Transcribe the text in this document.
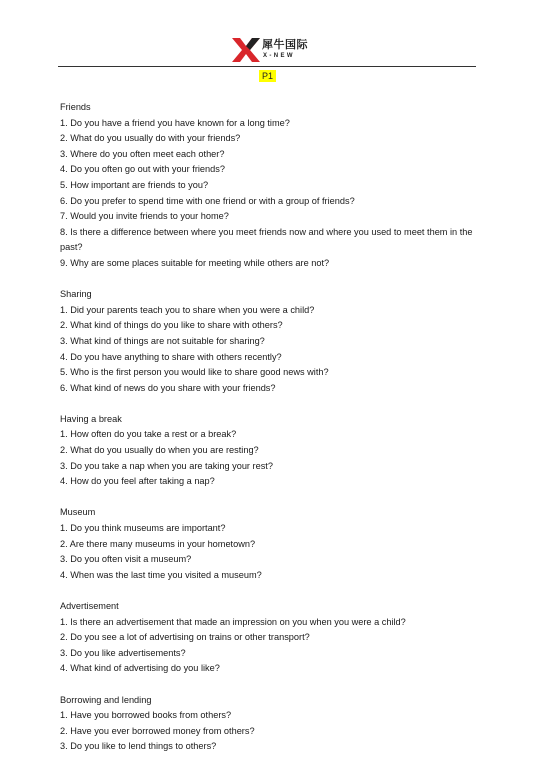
犀牛国际
X-NEW
P1

Friends

1. Do you have a friend you have known for a long time?

2. What do you usually do with your friends?

3. Where do you often meet each other?

4. Do you often go out with your friends?

5. How important are friends to you?

6. Do you prefer to spend time with one friend or with a group of friends?

7. Would you invite friends to your home?

8. Is there a difference between where you meet friends now and where you used to meet them in the past?

9. Why are some places suitable for meeting while others are not?

Sharing

1. Did your parents teach you to share when you were a child?

2. What kind of things do you like to share with others?

3. What kind of things are not suitable for sharing?

4. Do you have anything to share with others recently?

5. Who is the first person you would like to share good news with?

6. What kind of news do you share with your friends?

Having a break

1. How often do you take a rest or a break?

2. What do you usually do when you are resting?

3. Do you take a nap when you are taking your rest?

4. How do you feel after taking a nap?

Museum

1. Do you think museums are important?

2. Are there many museums in your hometown?

3. Do you often visit a museum?

4. When was the last time you visited a museum?

Advertisement

1. Is there an advertisement that made an impression on you when you were a child?

2. Do you see a lot of advertising on trains or other transport?

3. Do you like advertisements?

4. What kind of advertising do you like?

Borrowing and lending

1. Have you borrowed books from others?

2. Have you ever borrowed money from others?

3. Do you like to lend things to others?
